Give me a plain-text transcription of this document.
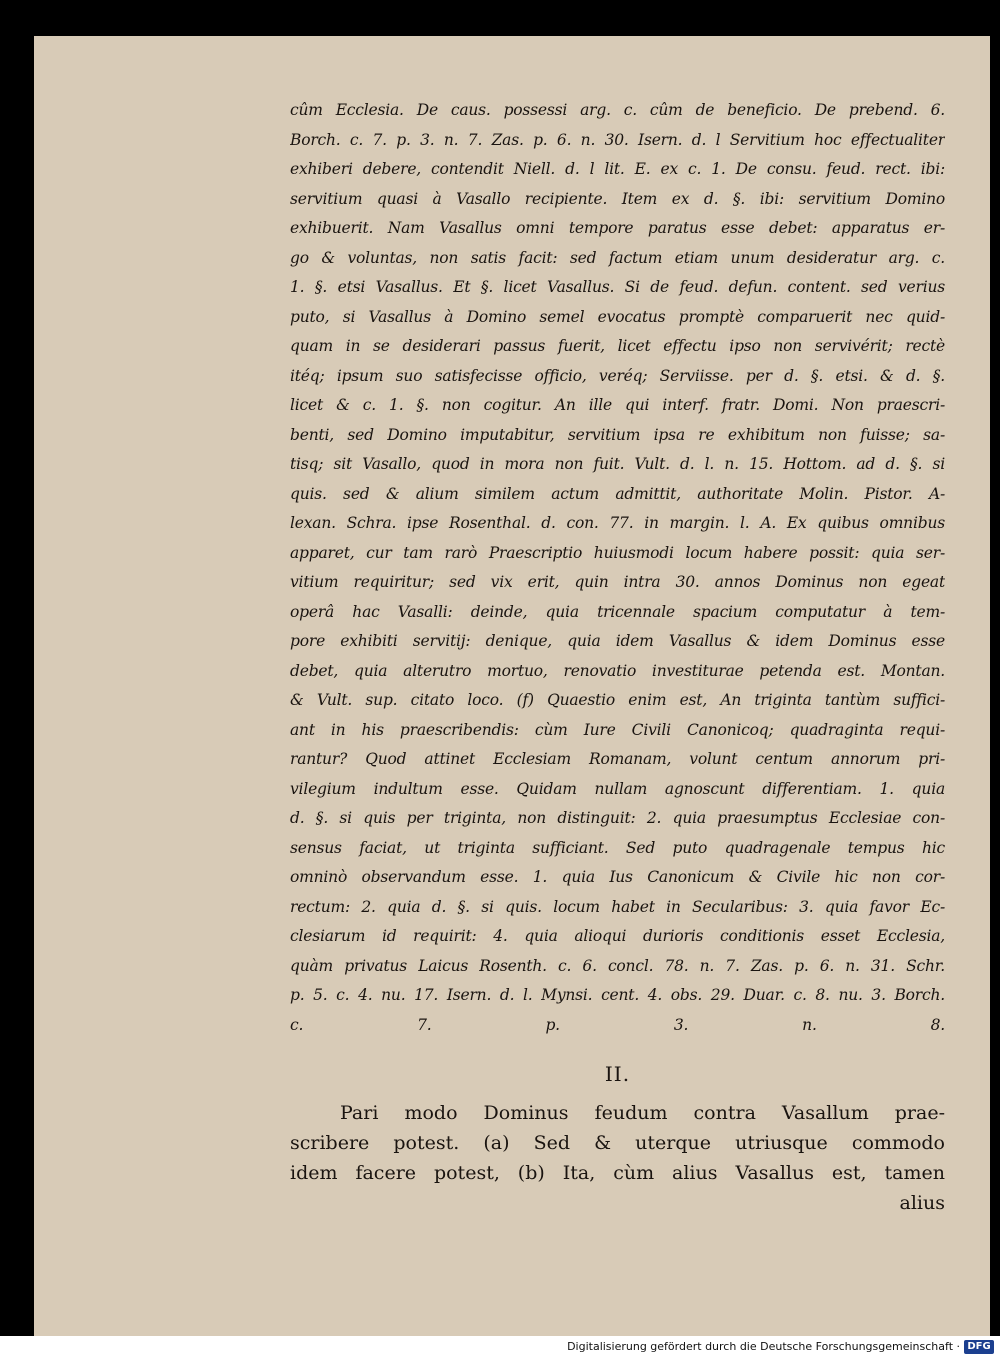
cûm Ecclesia. De caus. possessi arg. c. cûm de beneficio. De prebend. 6.
Borch. c. 7. p. 3. n. 7. Zas. p. 6. n. 30. Isern. d. l Servitium hoc effectualiter
exhiberi debere, contendit Niell. d. l lit. E. ex c. 1. De consu. feud. rect. ibi:
servitium quasi à Vasallo recipiente. Item ex d. §. ibi: servitium Domino
exhibuerit. Nam Vasallus omni tempore paratus esse debet: apparatus er-
go & voluntas, non satis facit: sed factum etiam unum desideratur arg. c.
1. §. etsi Vasallus. Et §. licet Vasallus. Si de feud. defun. content. sed verius
puto, si Vasallus à Domino semel evocatus promptè comparuerit nec quid-
quam in se desiderari passus fuerit, licet effectu ipso non servivérit; rectè
itéq; ipsum suo satisfecisse officio, veréq; Serviisse. per d. §. etsi. & d. §.
licet & c. 1. §. non cogitur. An ille qui interf. fratr. Domi. Non praescri-
benti, sed Domino imputabitur, servitium ipsa re exhibitum non fuisse; sa-
tisq; sit Vasallo, quod in mora non fuit. Vult. d. l. n. 15. Hottom. ad d. §. si
quis. sed & alium similem actum admittit, authoritate Molin. Pistor. A-
lexan. Schra. ipse Rosenthal. d. con. 77. in margin. l. A. Ex quibus omnibus
apparet, cur tam rarò Praescriptio huiusmodi locum habere possit: quia ser-
vitium requiritur; sed vix erit, quin intra 30. annos Dominus non egeat
operâ hac Vasalli: deinde, quia tricennale spacium computatur à tem-
pore exhibiti servitij: denique, quia idem Vasallus & idem Dominus esse
debet, quia alterutro mortuo, renovatio investiturae petenda est. Montan.
& Vult. sup. citato loco. (f) Quaestio enim est, An triginta tantùm suffici-
ant in his praescribendis: cùm Iure Civili Canonicoq; quadraginta requi-
rantur? Quod attinet Ecclesiam Romanam, volunt centum annorum pri-
vilegium indultum esse. Quidam nullam agnoscunt differentiam. 1. quia
d. §. si quis per triginta, non distinguit: 2. quia praesumptus Ecclesiae con-
sensus faciat, ut triginta sufficiant. Sed puto quadragenale tempus hic
omninò observandum esse. 1. quia Ius Canonicum & Civile hic non cor-
rectum: 2. quia d. §. si quis. locum habet in Secularibus: 3. quia favor Ec-
clesiarum id requirit: 4. quia alioqui durioris conditionis esset Ecclesia,
quàm privatus Laicus Rosenth. c. 6. concl. 78. n. 7. Zas. p. 6. n. 31. Schr.
p. 5. c. 4. nu. 17. Isern. d. l. Mynsi. cent. 4. obs. 29. Duar. c. 8. nu. 3. Borch.
c. 7. p. 3. n. 8.
II.
Pari modo Dominus feudum contra Vasallum prae-
scribere potest. (a) Sed & uterque utriusque commodo
idem facere potest, (b) Ita, cùm alius Vasallus est, tamen
alius
Digitalisierung gefördert durch die Deutsche Forschungsgemeinschaft · DFG
